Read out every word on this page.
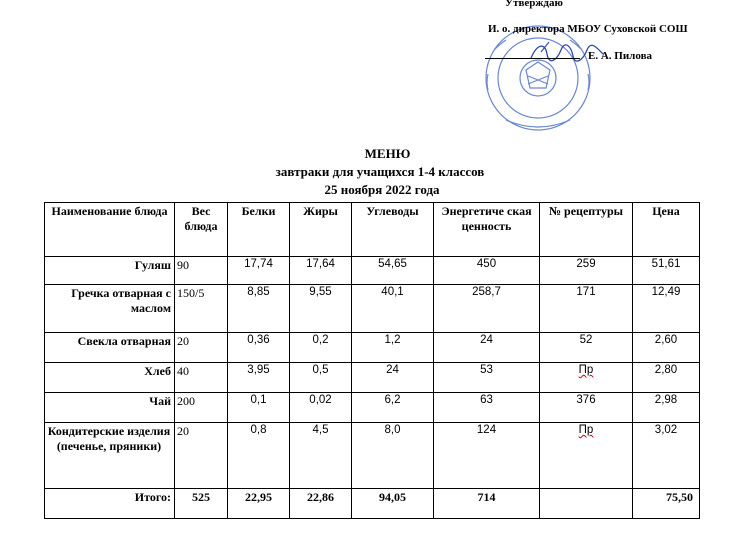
Утверждаю
И. о. директора МБОУ Суховской СОШ
Е. А. Пилова
МЕНЮ
завтраки для учащихся 1-4 классов
25 ноября 2022 года
Наименование блюда	Вес блюда	Белки	Жиры	Углеводы	Энергетиче ская ценность	№ рецептуры	Цена
Гуляш	90	17,74	17,64	54,65	450	259	51,61
Гречка отварная с маслом	150/5	8,85	9,55	40,1	258,7	171	12,49
Свекла отварная	20	0,36	0,2	1,2	24	52	2,60
Хлеб	40	3,95	0,5	24	53	Пр	2,80
Чай	200	0,1	0,02	6,2	63	376	2,98
Кондитерские изделия (печенье, пряники)	20	0,8	4,5	8,0	124	Пр	3,02
Итого:	525	22,95	22,86	94,05	714		75,50
